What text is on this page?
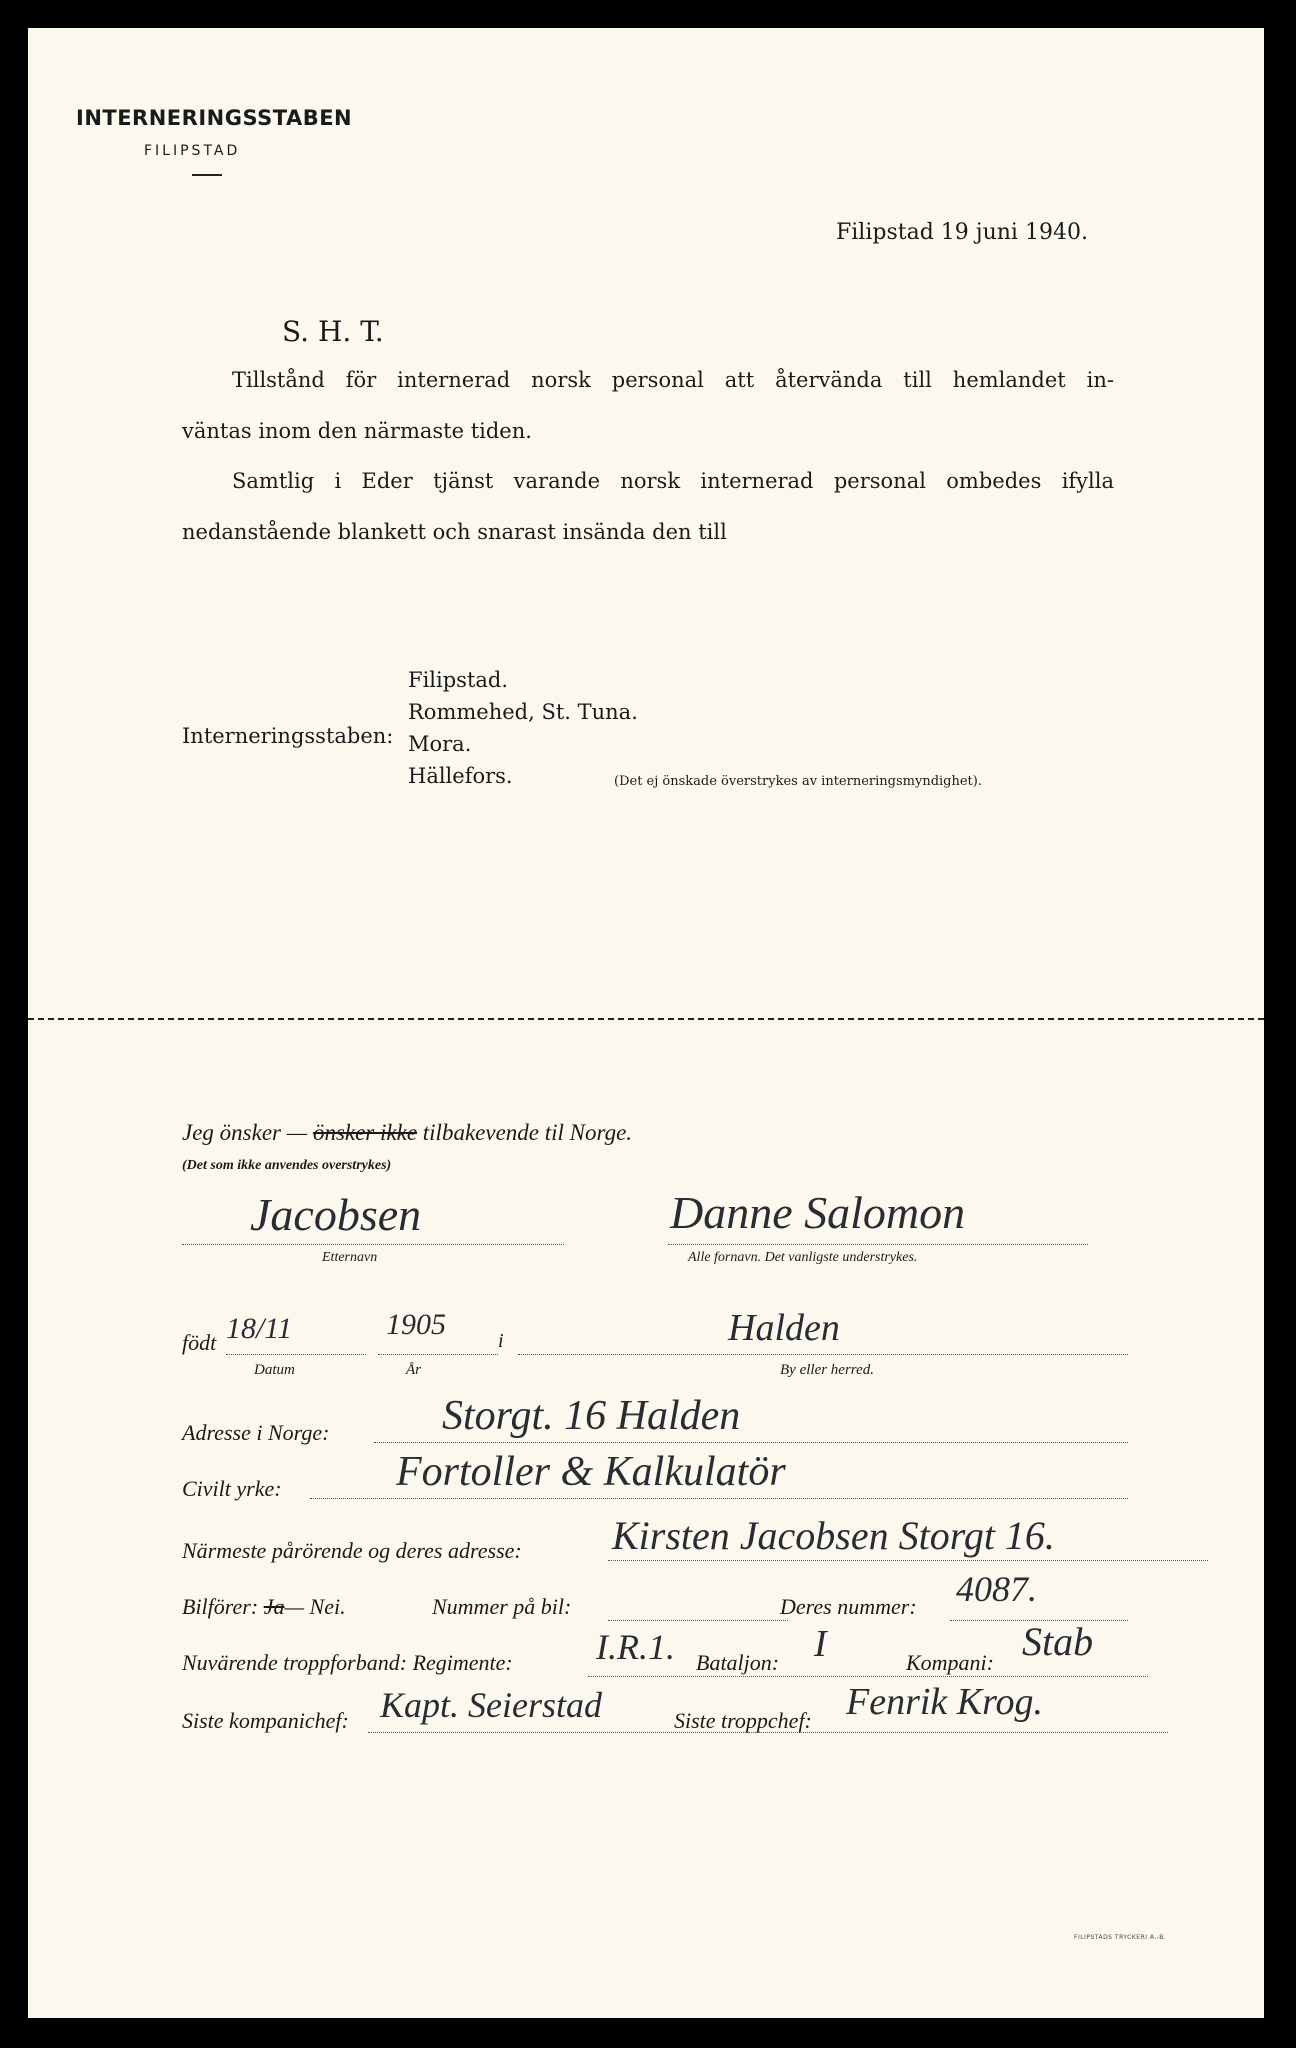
INTERNERINGSSTABEN
FILIPSTAD
Filipstad 19 juni 1940.
S. H. T.
Tillstånd för internerad norsk personal att återvända till hemlandet in-
väntas inom den närmaste tiden.
Samtlig i Eder tjänst varande norsk internerad personal ombedes ifylla
nedanstående blankett och snarast insända den till
Interneringsstaben:
Filipstad.
Rommehed, St. Tuna.
Mora.
Hällefors.	(Det ej önskade överstrykes av interneringsmyndighet).
Jeg önsker — önsker ikke tilbakevende til Norge.
(Det som ikke anvendes overstrykes)
Jacobsen
Etternavn
Danne Salomon
Alle fornavn. Det vanligste understrykes.
födt 18/11
Datum
1905
År
i	Halden
By eller herred.
Adresse i Norge:	Storgt. 16 Halden
Civilt yrke:	Fortoller & Kalkulatör
Närmeste pårörende og deres adresse: Kirsten Jacobsen Storgt 16.
Bilförer: Ja— Nei.	Nummer på bil:	Deres nummer: 4087.
Nuvärende troppforband: Regimente: I.R.1. Bataljon: I	Kompani: Stab
Siste kompanichef: Kapt. Seierstad	Siste troppchef: Fenrik Krog.
FILIPSTADS TRYCKERI A.-B.
